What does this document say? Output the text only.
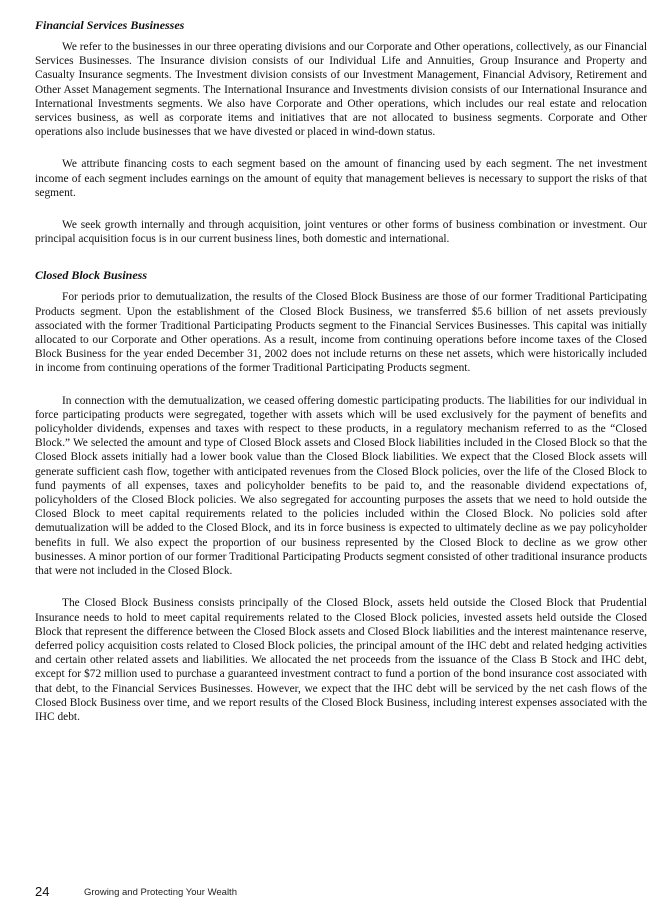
Financial Services Businesses

We refer to the businesses in our three operating divisions and our Corporate and Other operations, collectively, as our Financial Services Businesses. The Insurance division consists of our Individual Life and Annuities, Group Insurance and Property and Casualty Insurance segments. The Investment division consists of our Investment Management, Financial Advisory, Retirement and Other Asset Management segments. The International Insurance and Investments division consists of our International Insurance and International Investments segments. We also have Corporate and Other operations, which includes our real estate and relocation services business, as well as corporate items and initiatives that are not allocated to business segments. Corporate and Other operations also include businesses that we have divested or placed in wind-down status.

We attribute financing costs to each segment based on the amount of financing used by each segment. The net investment income of each segment includes earnings on the amount of equity that management believes is necessary to support the risks of that segment.

We seek growth internally and through acquisition, joint ventures or other forms of business combination or investment. Our principal acquisition focus is in our current business lines, both domestic and international.

Closed Block Business

For periods prior to demutualization, the results of the Closed Block Business are those of our former Traditional Participating Products segment. Upon the establishment of the Closed Block Business, we transferred $5.6 billion of net assets previously associated with the former Traditional Participating Products segment to the Financial Services Businesses. This capital was initially allocated to our Corporate and Other operations. As a result, income from continuing operations before income taxes of the Closed Block Business for the year ended December 31, 2002 does not include returns on these net assets, which were historically included in income from continuing operations of the former Traditional Participating Products segment.

In connection with the demutualization, we ceased offering domestic participating products. The liabilities for our individual in force participating products were segregated, together with assets which will be used exclusively for the payment of benefits and policyholder dividends, expenses and taxes with respect to these products, in a regulatory mechanism referred to as the “Closed Block.” We selected the amount and type of Closed Block assets and Closed Block liabilities included in the Closed Block so that the Closed Block assets initially had a lower book value than the Closed Block liabilities. We expect that the Closed Block assets will generate sufficient cash flow, together with anticipated revenues from the Closed Block policies, over the life of the Closed Block to fund payments of all expenses, taxes and policyholder benefits to be paid to, and the reasonable dividend expectations of, policyholders of the Closed Block policies. We also segregated for accounting purposes the assets that we need to hold outside the Closed Block to meet capital requirements related to the policies included within the Closed Block. No policies sold after demutualization will be added to the Closed Block, and its in force business is expected to ultimately decline as we pay policyholder benefits in full. We also expect the proportion of our business represented by the Closed Block to decline as we grow other businesses. A minor portion of our former Traditional Participating Products segment consisted of other traditional insurance products that were not included in the Closed Block.

The Closed Block Business consists principally of the Closed Block, assets held outside the Closed Block that Prudential Insurance needs to hold to meet capital requirements related to the Closed Block policies, invested assets held outside the Closed Block that represent the difference between the Closed Block assets and Closed Block liabilities and the interest maintenance reserve, deferred policy acquisition costs related to Closed Block policies, the principal amount of the IHC debt and related hedging activities and certain other related assets and liabilities. We allocated the net proceeds from the issuance of the Class B Stock and IHC debt, except for $72 million used to purchase a guaranteed investment contract to fund a portion of the bond insurance cost associated with that debt, to the Financial Services Businesses. However, we expect that the IHC debt will be serviced by the net cash flows of the Closed Block Business over time, and we report results of the Closed Block Business, including interest expenses associated with the IHC debt.

24	Growing and Protecting Your Wealth
